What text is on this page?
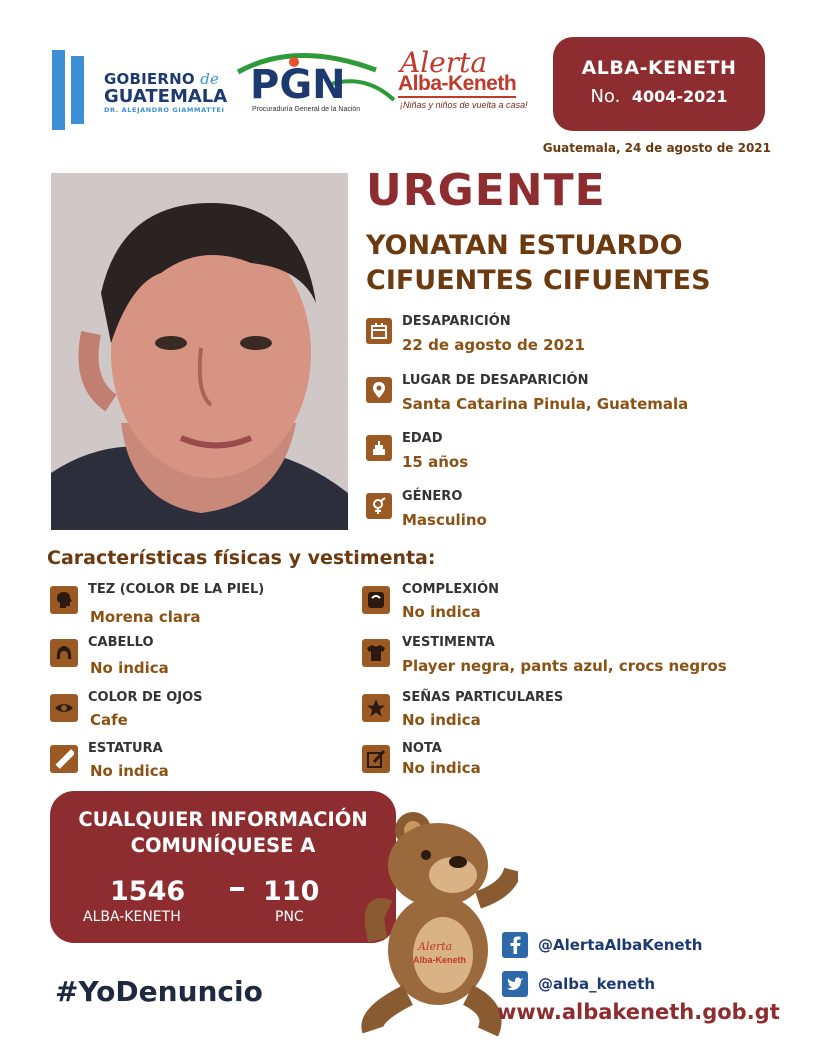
GOBIERNO de
GUATEMALA
DR. ALEJANDRO GIAMMATTEI
PGN
Procuraduría General de la Nación
Alerta
Alba-Keneth
¡Niñas y niños de vuelta a casa!
ALBA-KENETH
No. 4004-2021
Guatemala, 24 de agosto de 2021
URGENTE
YONATAN ESTUARDO
CIFUENTES CIFUENTES
DESAPARICIÓN
22 de agosto de 2021
LUGAR DE DESAPARICIÓN
Santa Catarina Pinula, Guatemala
EDAD
15 años
GÉNERO
Masculino
Características físicas y vestimenta:
TEZ (COLOR DE LA PIEL)
Morena clara
CABELLO
No indica
COLOR DE OJOS
Cafe
ESTATURA
No indica
COMPLEXIÓN
No indica
VESTIMENTA
Player negra, pants azul, crocs negros
SEÑAS PARTICULARES
No indica
NOTA
No indica
CUALQUIER INFORMACIÓN
COMUNÍQUESE A
1546
ALBA-KENETH
110
PNC
Alerta
Alba-Keneth
#YoDenuncio
@AlertaAlbaKeneth
@alba_keneth
www.albakeneth.gob.gt
